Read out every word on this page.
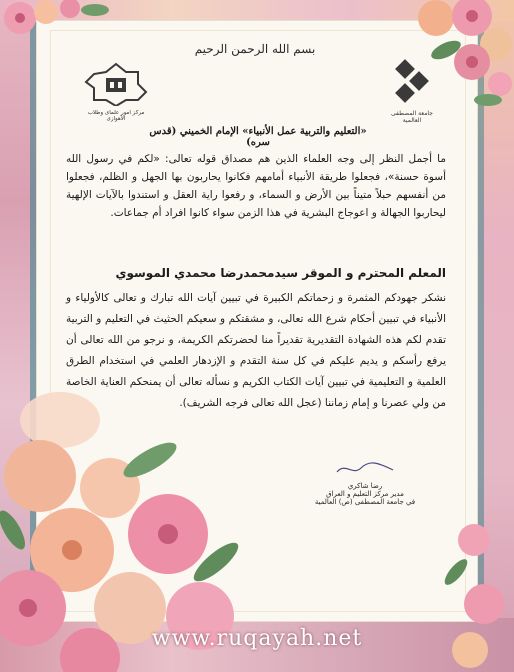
بسم الله الرحمن الرحيم
جامعة المصطفى العالمية
مركز امور علمای وطلاب الأهوازی
«التعليم والتربية عمل الأنبياء» الإمام الخميني (قدس سره)
ما أجمل النظر إلى وجه العلماء الذين هم مصداق قوله تعالى: «لكم في رسول الله أسوة حسنة»، فجعلوا طريقة الأنبياء أمامهم فكانوا يحاربون بها الجهل و الظلم، فجعلوا من أنفسهم حبلاً متيناً بين الأرض و السماء، و رفعوا راية العقل و استندوا بالآيات الإلهية ليحاربوا الجهالة و اعوجاج البشرية في هذا الزمن سواء كانوا افراد أم جماعات.
المعلم المحترم و الموقر سيدمحمدرضا محمدي الموسوي
نشكر جهودكم المثمرة و زحماتكم الكبيرة في تبيين آيات الله تبارك و تعالى كالأولياء و الأنبياء في تبيين أحكام شرع الله تعالى، و مشقتكم و سعيكم الحثيث في التعليم و التربية تقدم لكم هذه الشهادة التقديرية تقديراً منا لحضرتكم الكريمة، و نرجو من الله تعالى أن يرفع رأسكم و يديم عليكم في كل سنة التقدم و الإزدهار العلمي في استخدام الطرق العلمية و التعليمية في تبيين آيات الكتاب الكريم و نسأله تعالى أن يمنحكم العناية الخاصة من ولي عصرنا و إمام زماننا (عجل الله تعالى فرجه الشريف).
رضا شاكري
مدير مركز التعليم و العراق
في جامعة المصطفى (ص) العالمية
www.ruqayah.net
